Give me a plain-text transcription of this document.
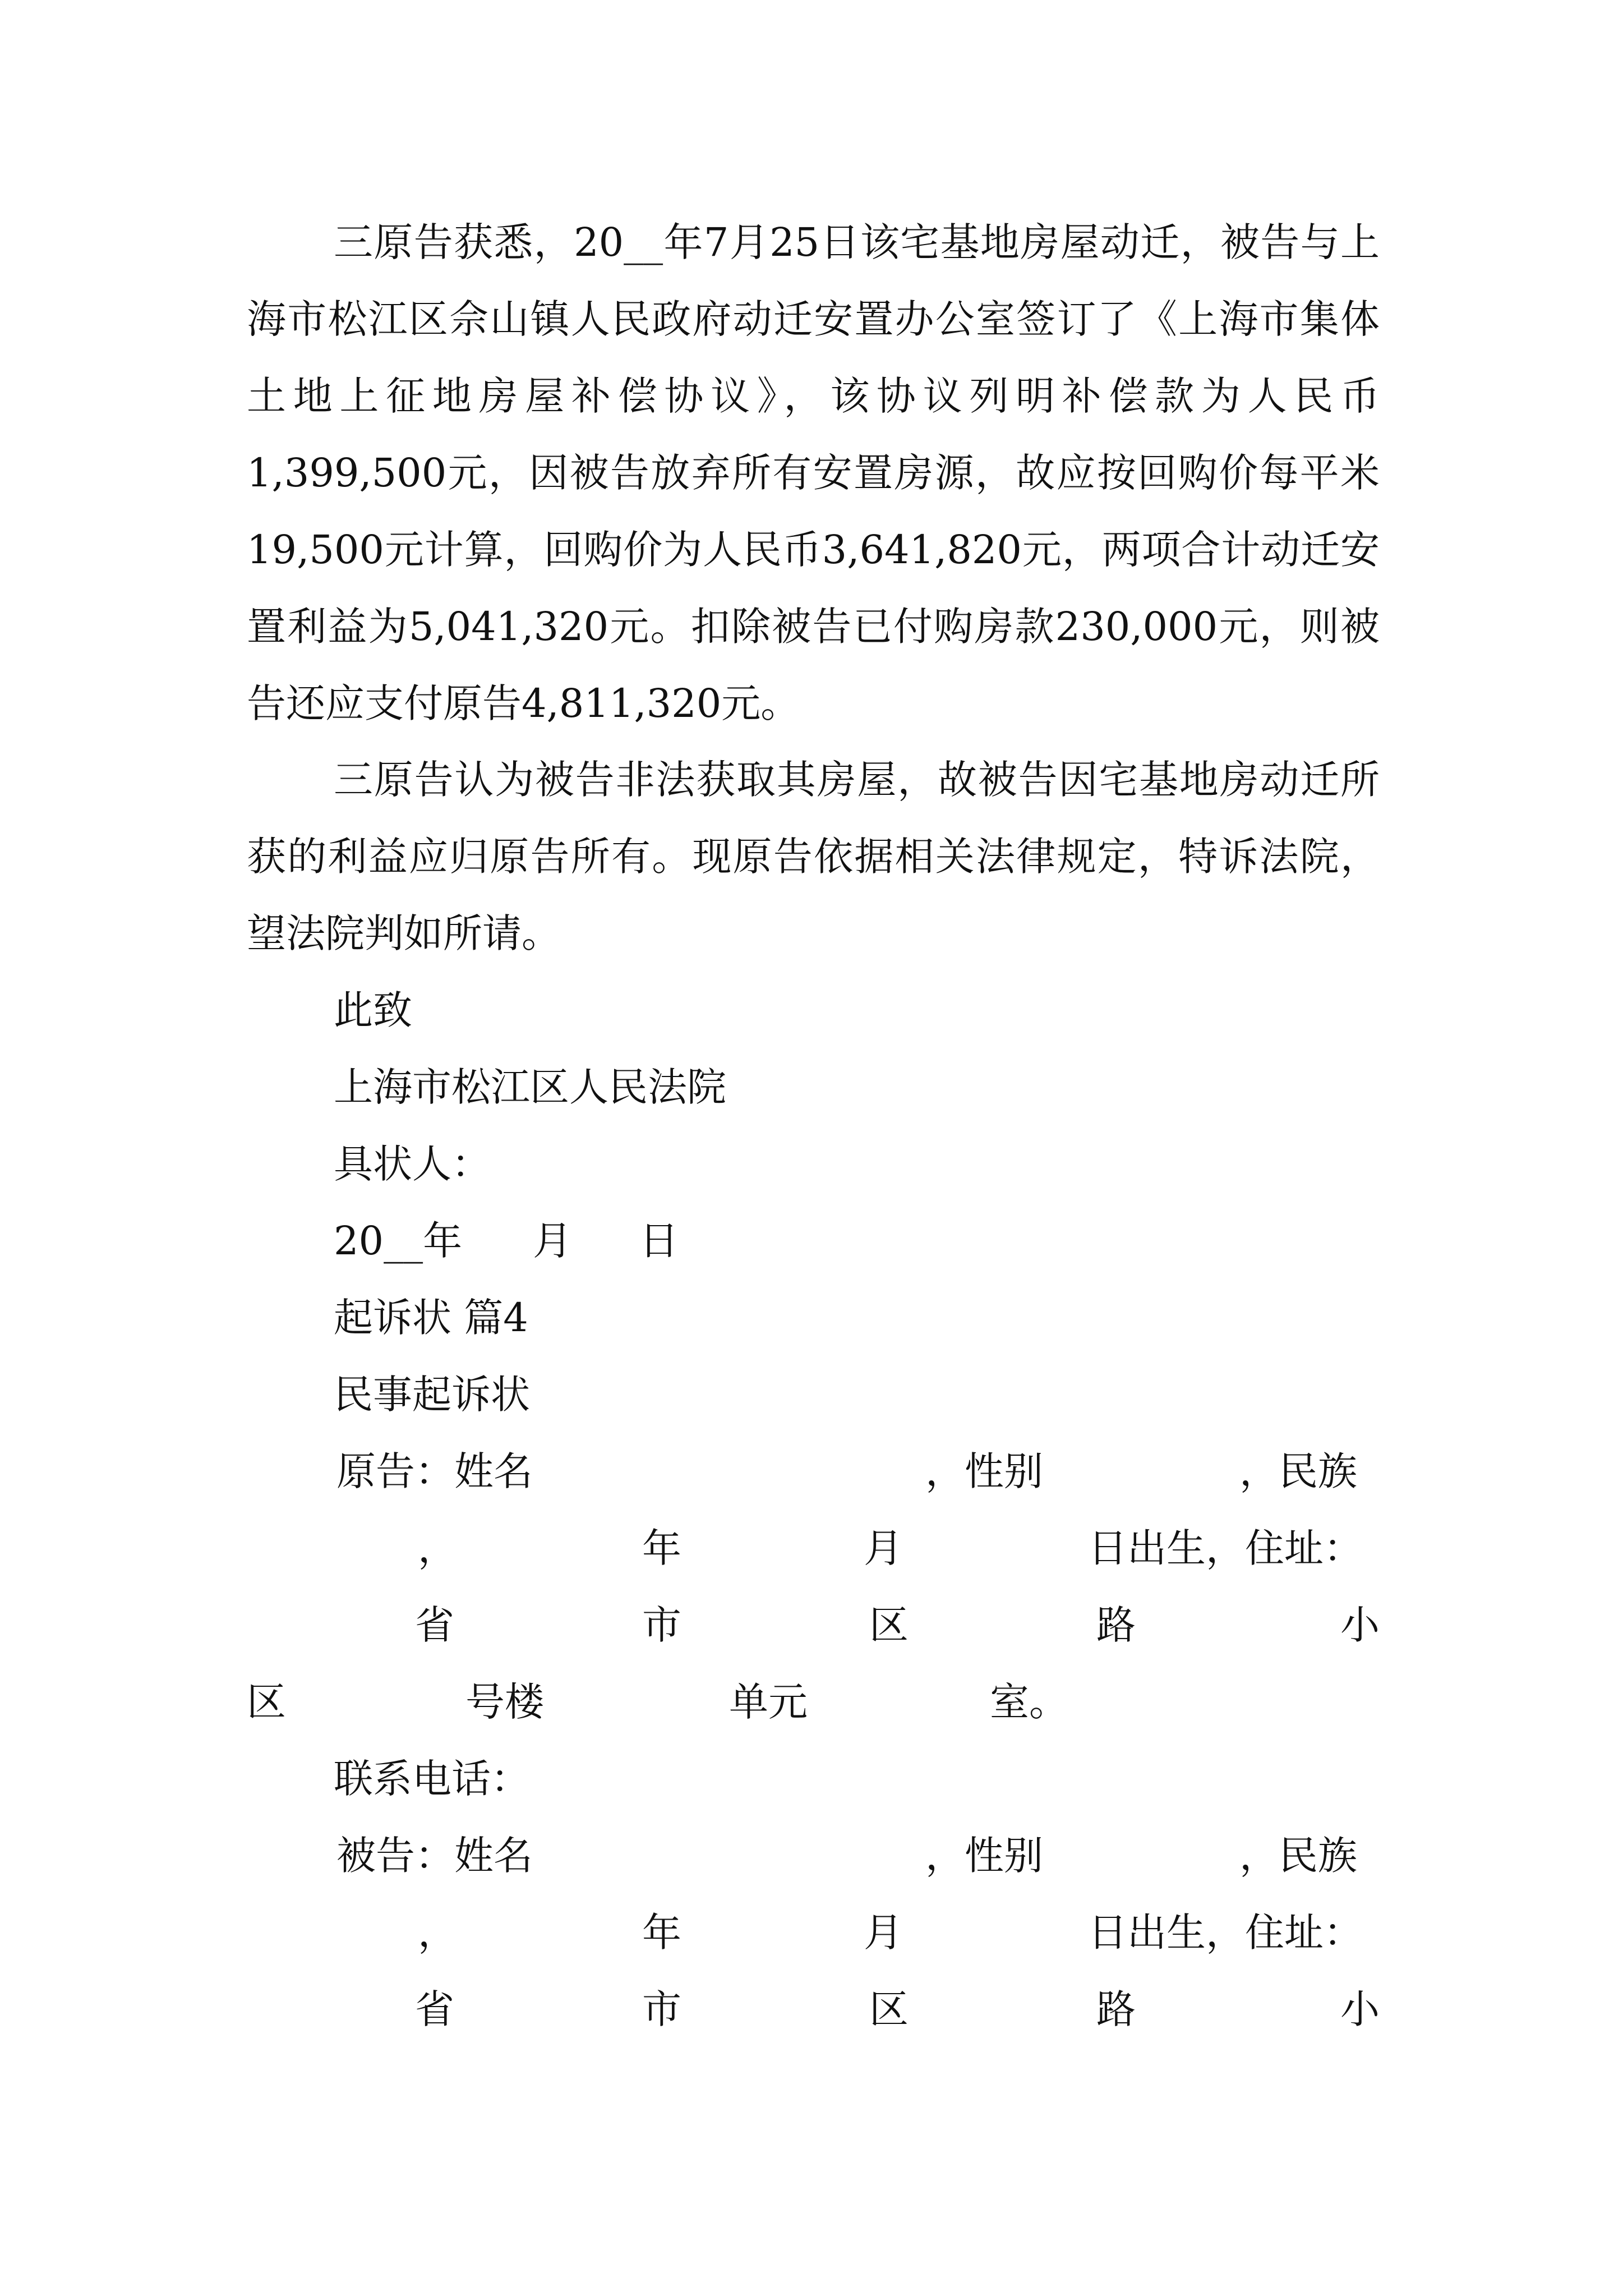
三原告获悉，20__年7月25日该宅基地房屋动迁，被告与上海市松江区佘山镇人民政府动迁安置办公室签订了《上海市集体土地上征地房屋补偿协议》，该协议列明补偿款为人民币1,399,500元，因被告放弃所有安置房源，故应按回购价每平米19,500元计算，回购价为人民币3,641,820元，两项合计动迁安置利益为5,041,320元。扣除被告已付购房款230,000元，则被告还应支付原告4,811,320元。

三原告认为被告非法获取其房屋，故被告因宅基地房动迁所获的利益应归原告所有。现原告依据相关法律规定，特诉法院，望法院判如所请。

此致

上海市松江区人民法院

具状人：

20__年 月 日

起诉状 篇4

民事起诉状

原告：姓名	，性别	，民族
，	年	月	日出生，住址：
省	市	区	路	小
区	号楼	单元	室。

联系电话：

被告：姓名	，性别	，民族
，	年	月	日出生，住址：
省	市	区	路	小
